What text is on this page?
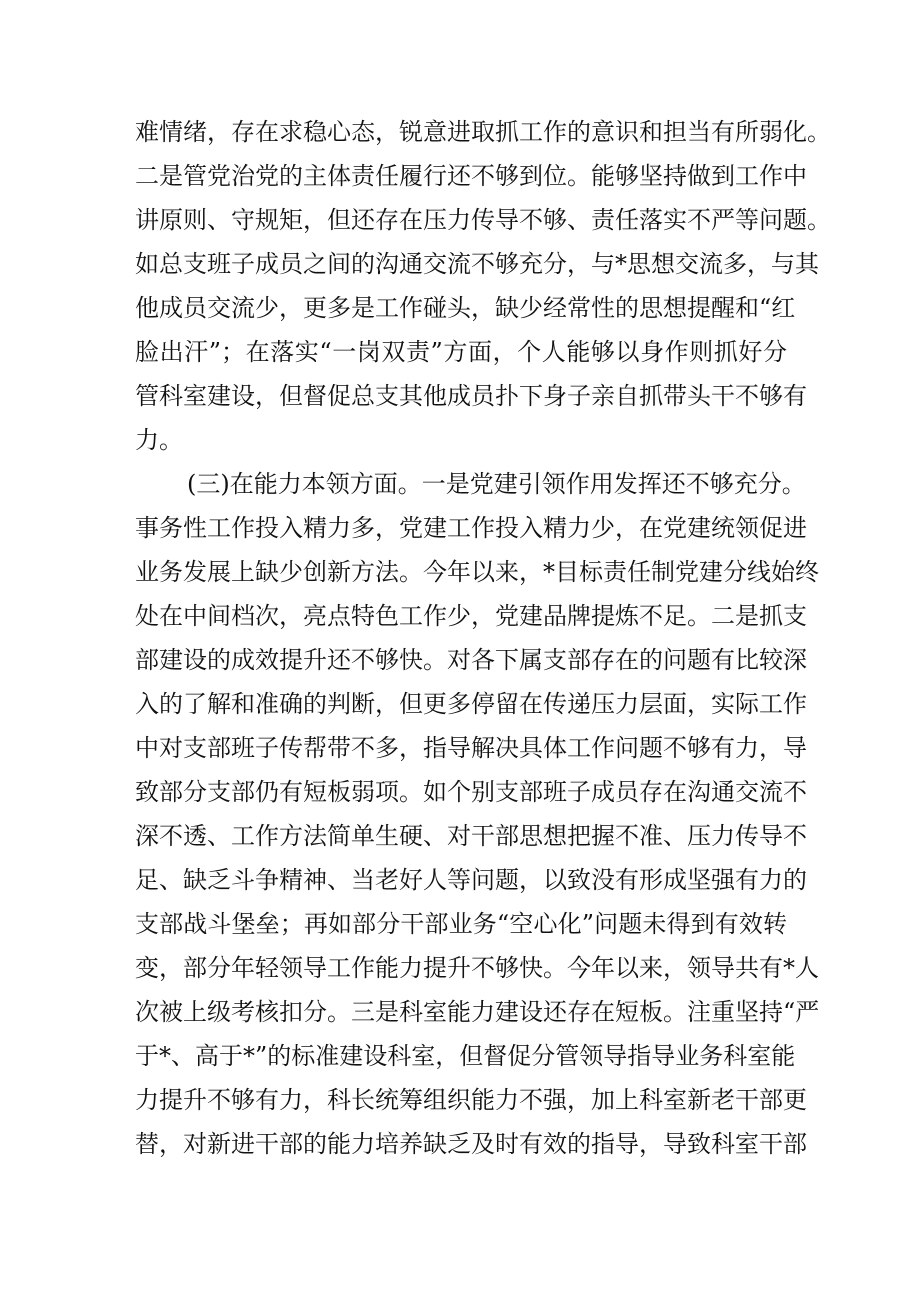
难情绪，存在求稳心态，锐意进取抓工作的意识和担当有所弱化。
二是管党治党的主体责任履行还不够到位。能够坚持做到工作中
讲原则、守规矩，但还存在压力传导不够、责任落实不严等问题。
如总支班子成员之间的沟通交流不够充分，与*思想交流多，与其
他成员交流少，更多是工作碰头，缺少经常性的思想提醒和“红
脸出汗”；在落实“一岗双责”方面，个人能够以身作则抓好分
管科室建设，但督促总支其他成员扑下身子亲自抓带头干不够有
力。
(三)在能力本领方面。一是党建引领作用发挥还不够充分。
事务性工作投入精力多，党建工作投入精力少，在党建统领促进
业务发展上缺少创新方法。今年以来，*目标责任制党建分线始终
处在中间档次，亮点特色工作少，党建品牌提炼不足。二是抓支
部建设的成效提升还不够快。对各下属支部存在的问题有比较深
入的了解和准确的判断，但更多停留在传递压力层面，实际工作
中对支部班子传帮带不多，指导解决具体工作问题不够有力，导
致部分支部仍有短板弱项。如个别支部班子成员存在沟通交流不
深不透、工作方法简单生硬、对干部思想把握不准、压力传导不
足、缺乏斗争精神、当老好人等问题，以致没有形成坚强有力的
支部战斗堡垒；再如部分干部业务“空心化”问题未得到有效转
变，部分年轻领导工作能力提升不够快。今年以来，领导共有*人
次被上级考核扣分。三是科室能力建设还存在短板。注重坚持“严
于*、高于*”的标准建设科室，但督促分管领导指导业务科室能
力提升不够有力，科长统筹组织能力不强，加上科室新老干部更
替，对新进干部的能力培养缺乏及时有效的指导，导致科室干部
